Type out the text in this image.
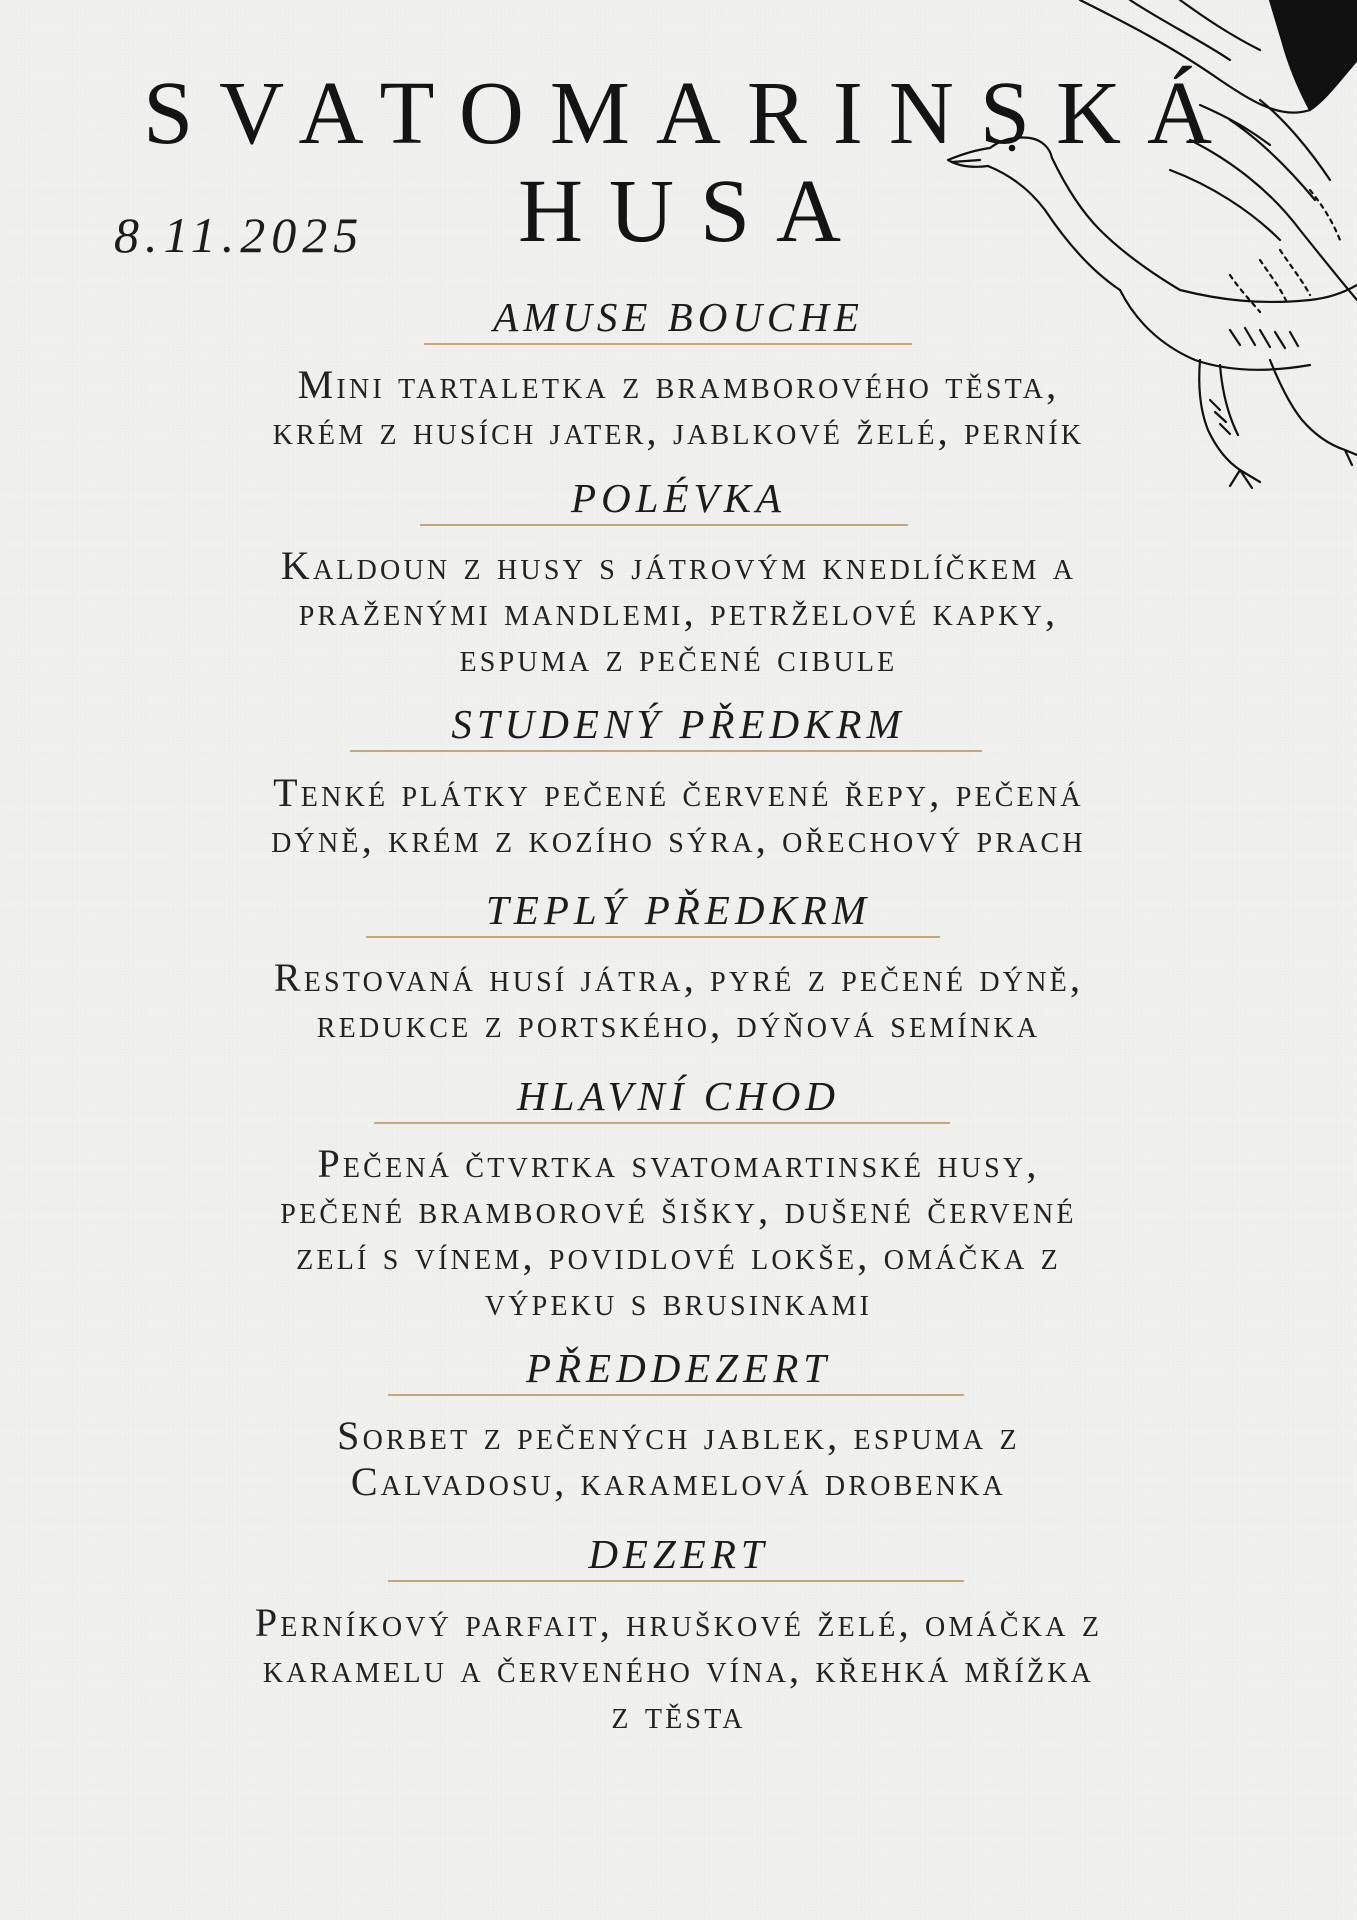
SVATOMARINSKÁ
HUSA
8.11.2025
AMUSE BOUCHE
Mini tartaletka z bramborového těsta,
krém z husích jater, jablkové želé, perník
POLÉVKA
Kaldoun z husy s játrovým knedlíčkem a
praženými mandlemi, petrželové kapky,
espuma z pečené cibule
STUDENÝ PŘEDKRM
Tenké plátky pečené červené řepy, pečená
dýně, krém z kozího sýra, ořechový prach
TEPLÝ PŘEDKRM
Restovaná husí játra, pyré z pečené dýně,
redukce z portského, dýňová semínka
HLAVNÍ CHOD
Pečená čtvrtka svatomartinské husy,
pečené bramborové šišky, dušené červené
zelí s vínem, povidlové lokše, omáčka z
výpeku s brusinkami
PŘEDDEZERT
Sorbet z pečených jablek, espuma z
Calvadosu, karamelová drobenka
DEZERT
Perníkový parfait, hruškové želé, omáčka z
karamelu a červeného vína, křehká mřížka
z těsta
